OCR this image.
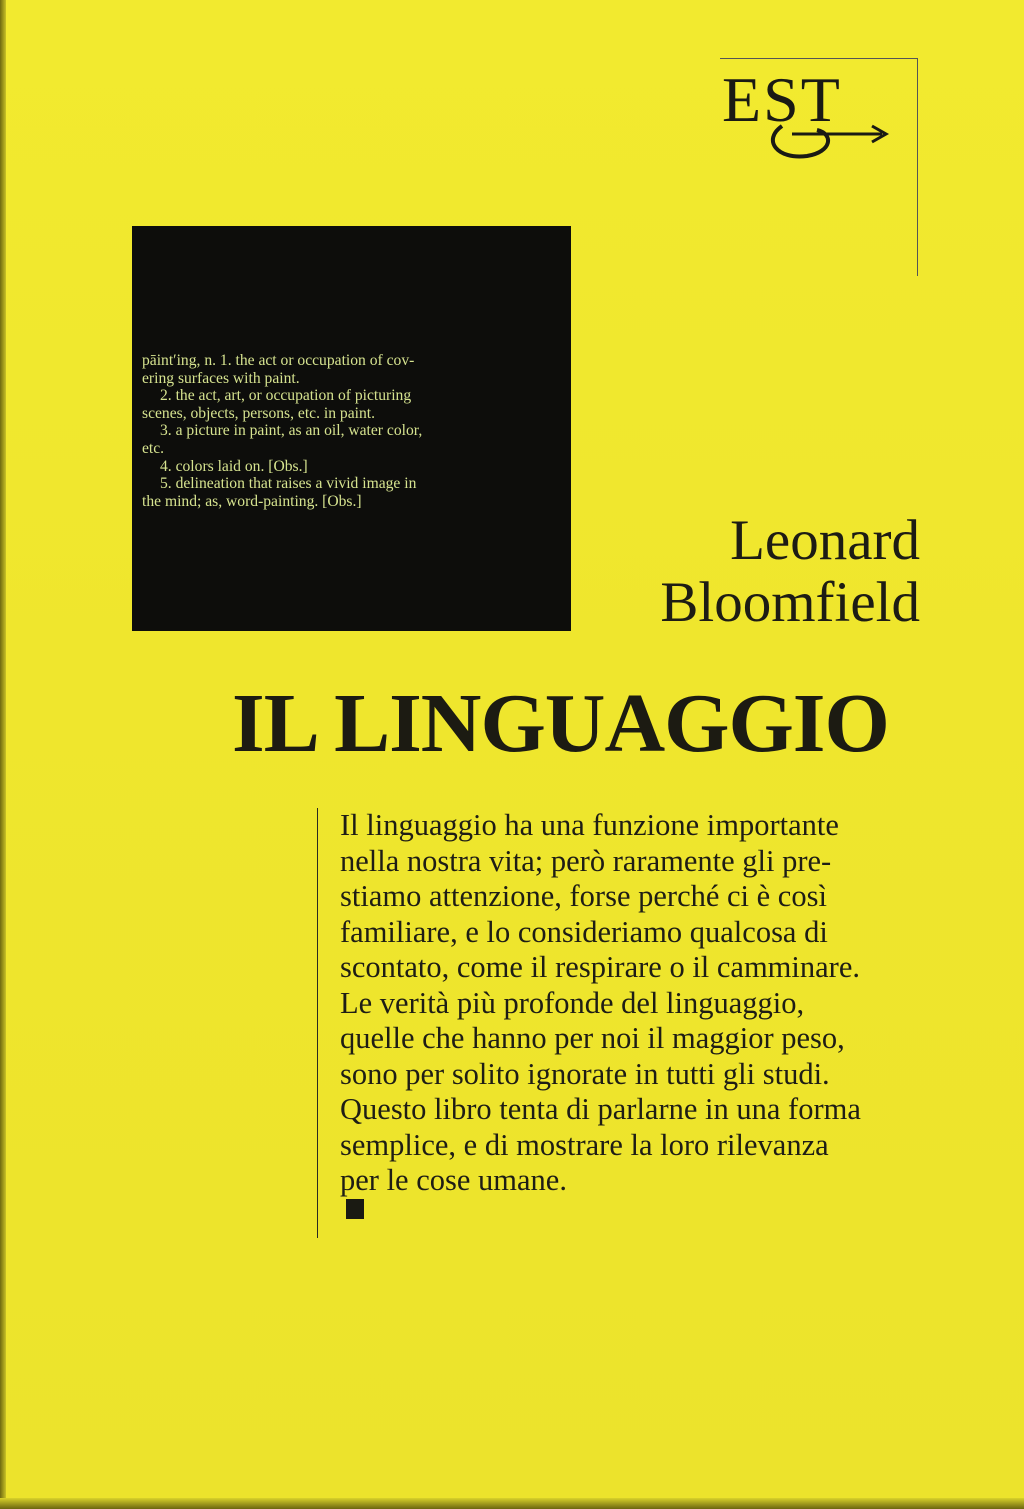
EST
pāint′ing, n. 1. the act or occupation of cov-
ering surfaces with paint.
2. the act, art, or occupation of picturing
scenes, objects, persons, etc. in paint.
3. a picture in paint, as an oil, water color,
etc.
4. colors laid on. [Obs.]
5. delineation that raises a vivid image in
the mind; as, word-painting. [Obs.]
Leonard
Bloomfield
IL LINGUAGGIO
Il linguaggio ha una funzione importante
nella nostra vita; però raramente gli pre-
stiamo attenzione, forse perché ci è così
familiare, e lo consideriamo qualcosa di
scontato, come il respirare o il camminare.
Le verità più profonde del linguaggio,
quelle che hanno per noi il maggior peso,
sono per solito ignorate in tutti gli studi.
Questo libro tenta di parlarne in una forma
semplice, e di mostrare la loro rilevanza
per le cose umane.
